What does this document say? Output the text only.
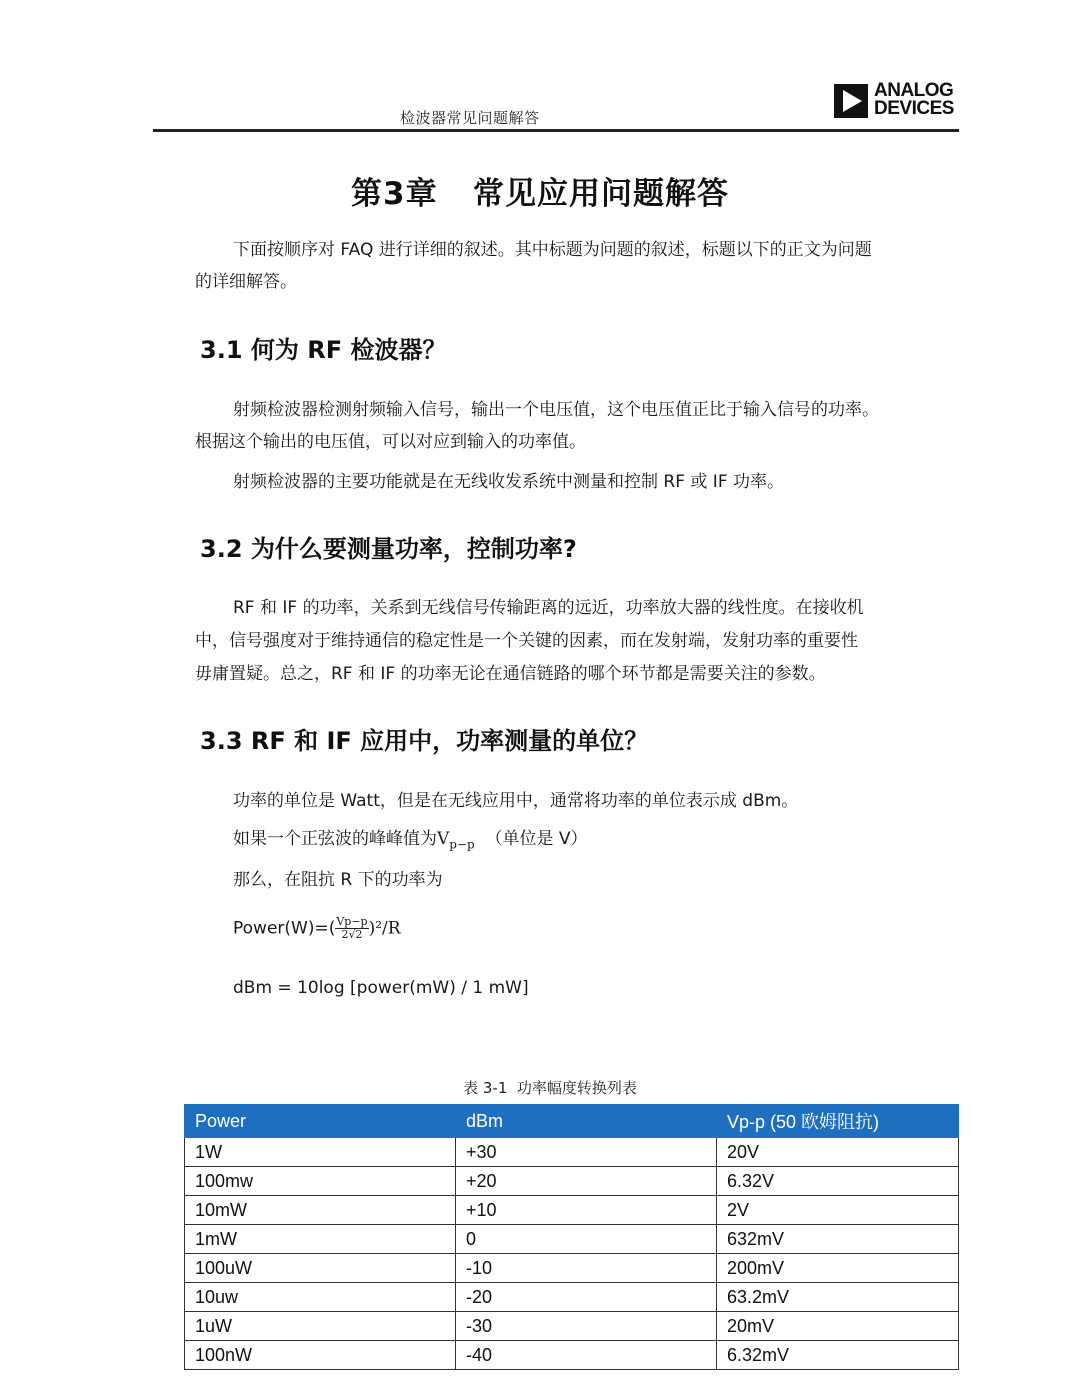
检波器常见问题解答
ANALOG
DEVICES
第3章   常见应用问题解答
下面按顺序对 FAQ 进行详细的叙述。其中标题为问题的叙述，标题以下的正文为问题
的详细解答。
3.1 何为 RF 检波器？
射频检波器检测射频输入信号，输出一个电压值，这个电压值正比于输入信号的功率。
根据这个输出的电压值，可以对应到输入的功率值。
射频检波器的主要功能就是在无线收发系统中测量和控制 RF 或 IF 功率。
3.2 为什么要测量功率，控制功率?
RF 和 IF 的功率，关系到无线信号传输距离的远近，功率放大器的线性度。在接收机
中，信号强度对于维持通信的稳定性是一个关键的因素，而在发射端，发射功率的重要性
毋庸置疑。总之，RF 和 IF 的功率无论在通信链路的哪个环节都是需要关注的参数。
3.3 RF 和 IF 应用中，功率测量的单位？
功率的单位是 Watt，但是在无线应用中，通常将功率的单位表示成 dBm。
如果一个正弦波的峰峰值为$V_{p-p}$ （单位是 V）
那么，在阻抗 R 下的功率为
Power(W)=( $\frac{Vp-p}{2√2} )^2/R$
dBm = 10log [power(mW) / 1 mW]
表 3-1  功率幅度转换列表
Power	dBm	Vp-p (50 欧姆阻抗)
1W	+30	20V
100mw	+20	6.32V
10mW	+10	2V
1mW	0	632mV
100uW	-10	200mV
10uw	-20	63.2mV
1uW	-30	20mV
100nW	-40	6.32mV
